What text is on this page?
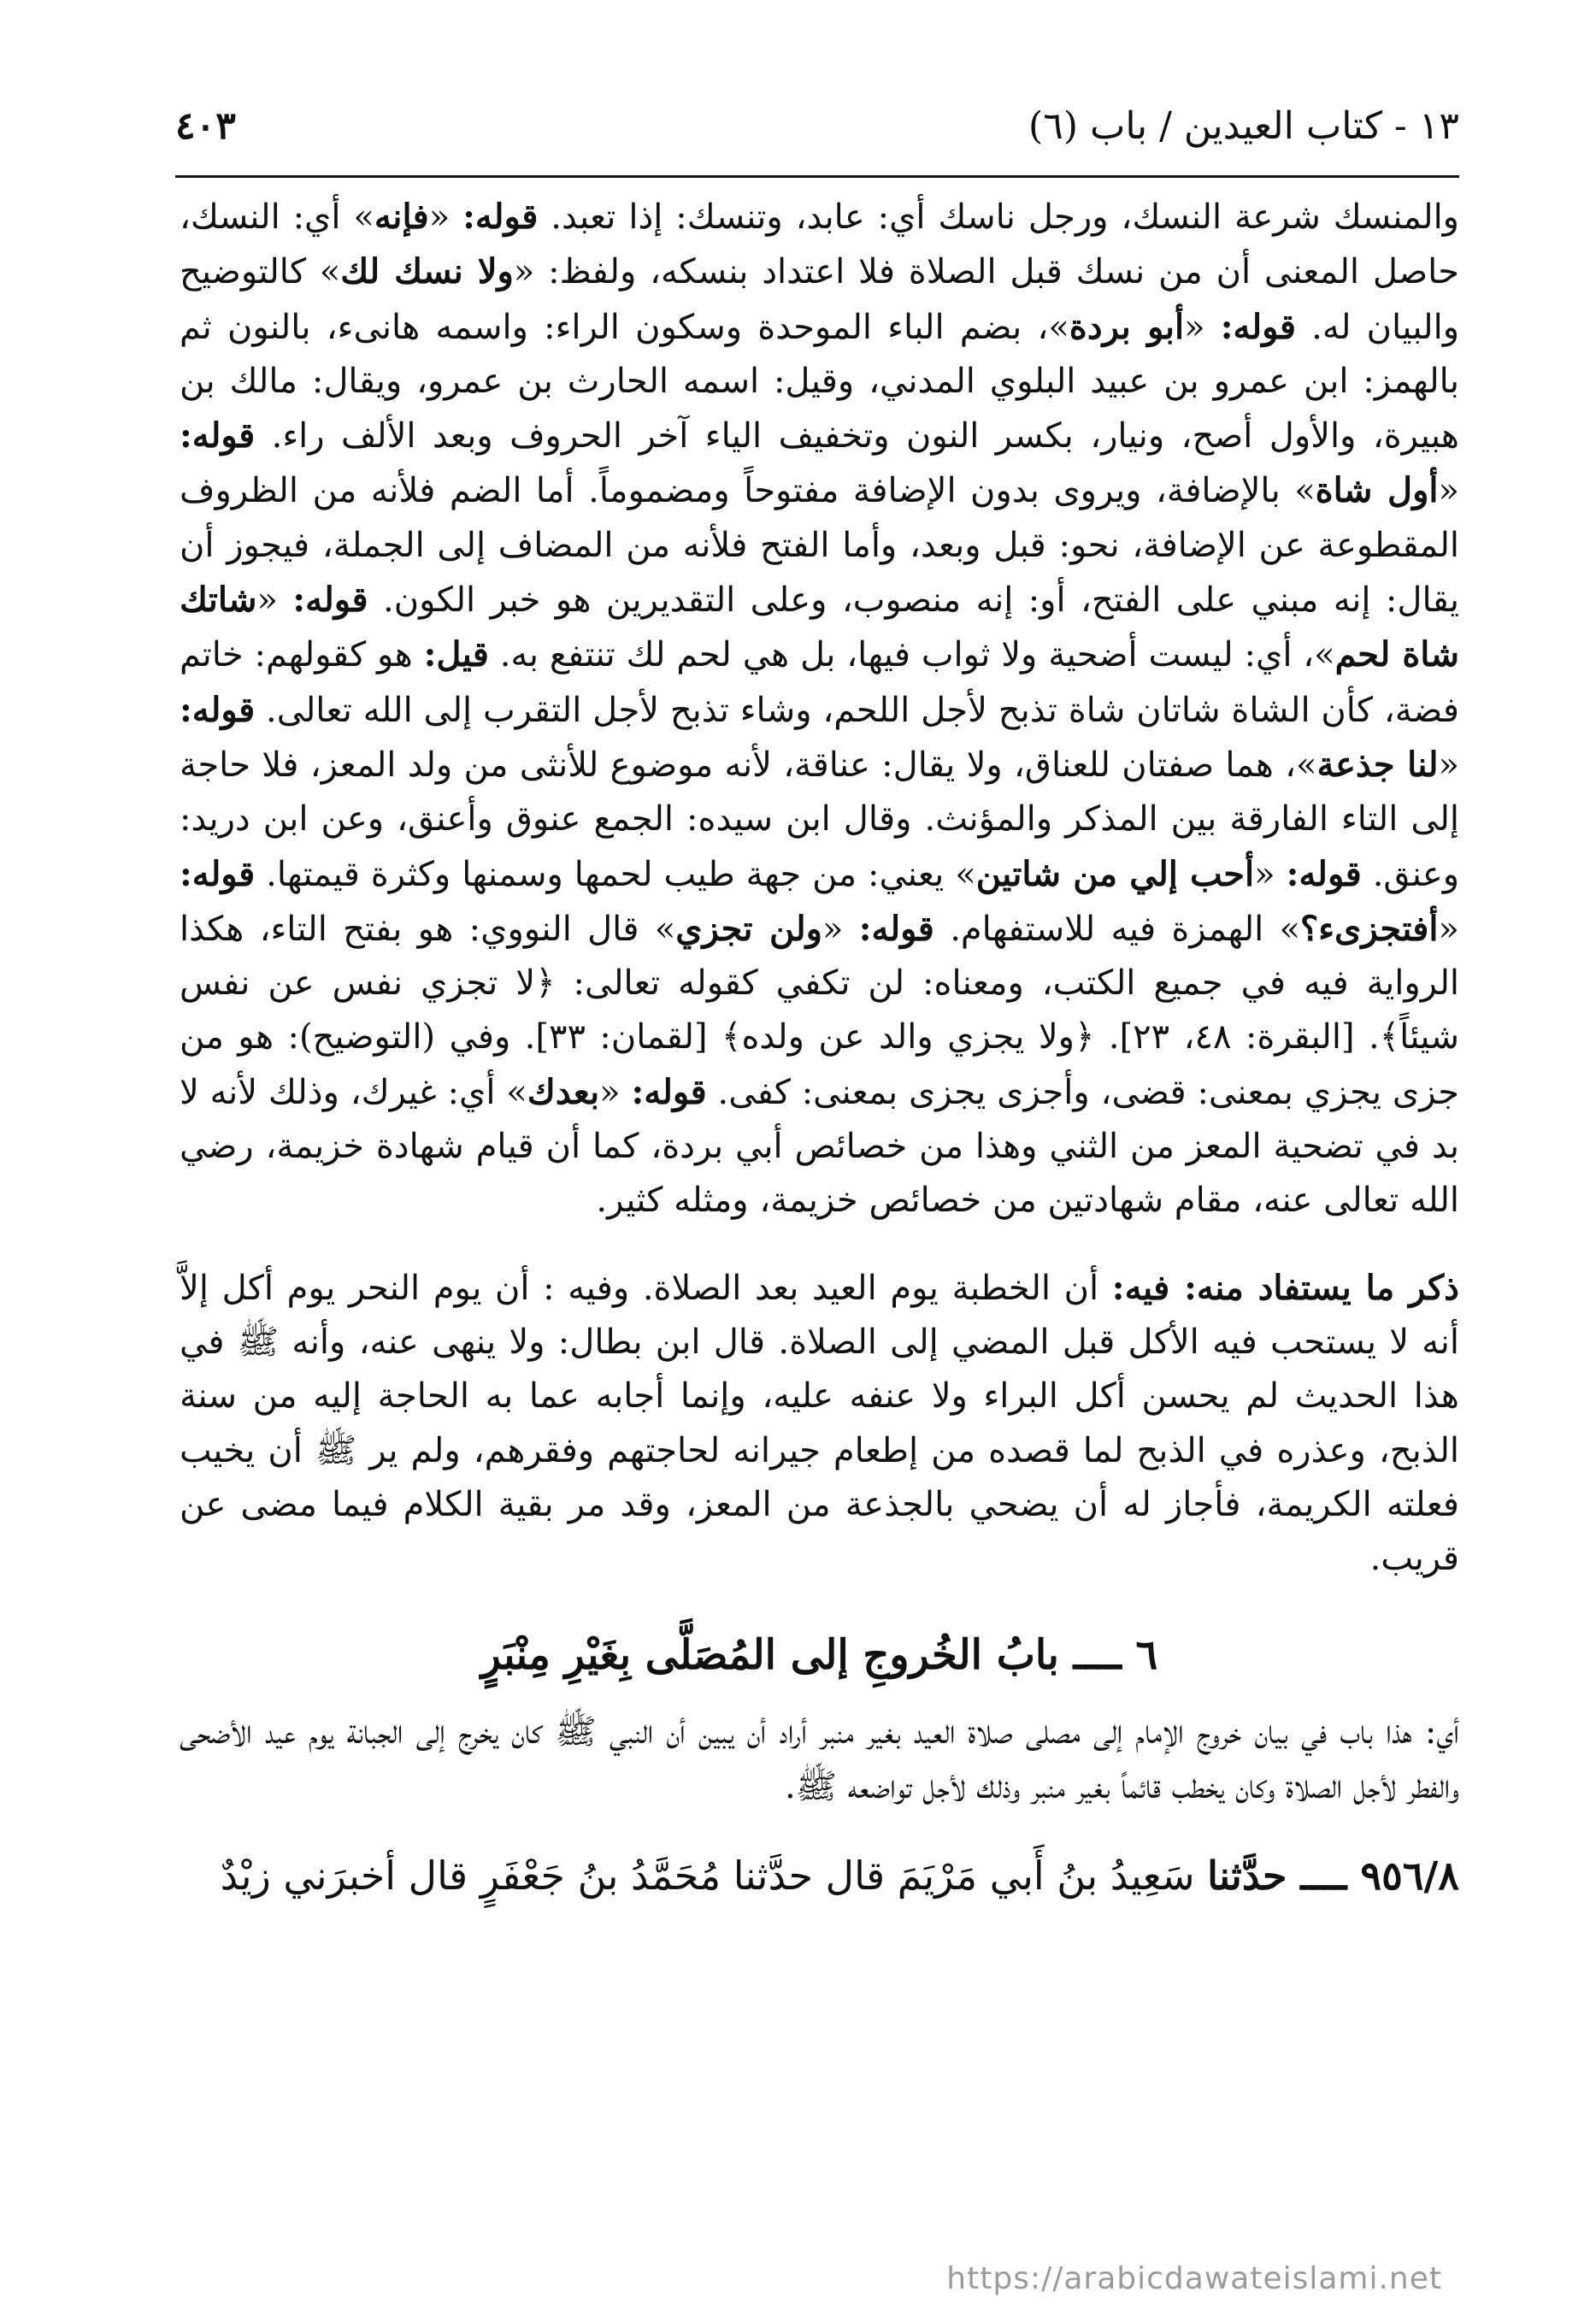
١٣ - كتاب العيدين / باب (٦)
٤٠٣

والمنسك شرعة النسك، ورجل ناسك أي: عابد، وتنسك: إذا تعبد. قوله: «فإنه» أي: النسك، حاصل المعنى أن من نسك قبل الصلاة فلا اعتداد بنسكه، ولفظ: «ولا نسك لك» كالتوضيح والبيان له. قوله: «أبو بردة»، بضم الباء الموحدة وسكون الراء: واسمه هانىء، بالنون ثم بالهمز: ابن عمرو بن عبيد البلوي المدني، وقيل: اسمه الحارث بن عمرو، ويقال: مالك بن هبيرة، والأول أصح، ونيار، بكسر النون وتخفيف الياء آخر الحروف وبعد الألف راء. قوله: «أول شاة» بالإضافة، ويروى بدون الإضافة مفتوحاً ومضموماً. أما الضم فلأنه من الظروف المقطوعة عن الإضافة، نحو: قبل وبعد، وأما الفتح فلأنه من المضاف إلى الجملة، فيجوز أن يقال: إنه مبني على الفتح، أو: إنه منصوب، وعلى التقديرين هو خبر الكون. قوله: «شاتك شاة لحم»، أي: ليست أضحية ولا ثواب فيها، بل هي لحم لك تنتفع به. قيل: هو كقولهم: خاتم فضة، كأن الشاة شاتان شاة تذبح لأجل اللحم، وشاء تذبح لأجل التقرب إلى الله تعالى. قوله: «لنا جذعة»، هما صفتان للعناق، ولا يقال: عناقة، لأنه موضوع للأنثى من ولد المعز، فلا حاجة إلى التاء الفارقة بين المذكر والمؤنث. وقال ابن سيده: الجمع عنوق وأعنق، وعن ابن دريد: وعنق. قوله: «أحب إلي من شاتين» يعني: من جهة طيب لحمها وسمنها وكثرة قيمتها. قوله: «أفتجزىء؟» الهمزة فيه للاستفهام. قوله: «ولن تجزي» قال النووي: هو بفتح التاء، هكذا الرواية فيه في جميع الكتب، ومعناه: لن تكفي كقوله تعالى: ﴿لا تجزي نفس عن نفس شيئاً﴾. [البقرة: ٤٨، ٢٣]. ﴿ولا يجزي والد عن ولده﴾ [لقمان: ٣٣]. وفي (التوضيح): هو من جزى يجزي بمعنى: قضى، وأجزى يجزى بمعنى: كفى. قوله: «بعدك» أي: غيرك، وذلك لأنه لا بد في تضحية المعز من الثني وهذا من خصائص أبي بردة، كما أن قيام شهادة خزيمة، رضي الله تعالى عنه، مقام شهادتين من خصائص خزيمة، ومثله كثير.

ذكر ما يستفاد منه: فيه: أن الخطبة يوم العيد بعد الصلاة. وفيه : أن يوم النحر يوم أكل إلاَّ أنه لا يستحب فيه الأكل قبل المضي إلى الصلاة. قال ابن بطال: ولا ينهى عنه، وأنه ﷺ في هذا الحديث لم يحسن أكل البراء ولا عنفه عليه، وإنما أجابه عما به الحاجة إليه من سنة الذبح، وعذره في الذبح لما قصده من إطعام جيرانه لحاجتهم وفقرهم، ولم ير ﷺ أن يخيب فعلته الكريمة، فأجاز له أن يضحي بالجذعة من المعز، وقد مر بقية الكلام فيما مضى عن قريب.

٦ ــــ بابُ الخُروجِ إلى المُصَلَّى بِغَيْرِ مِنْبَرٍ

أي: هذا باب في بيان خروج الإمام إلى مصلى صلاة العيد بغير منبر أراد أن يبين أن النبي ﷺ كان يخرج إلى الجبانة يوم عيد الأضحى والفطر لأجل الصلاة وكان يخطب قائماً بغير منبر وذلك لأجل تواضعه ﷺ.

٩٥٦/٨ ــــ حدَّثنا سَعِيدُ بنُ أَبي مَرْيَمَ قال حدَّثنا مُحَمَّدُ بنُ جَعْفَرٍ قال أخبرَني زيْدٌ

https://arabicdawateislami.net
